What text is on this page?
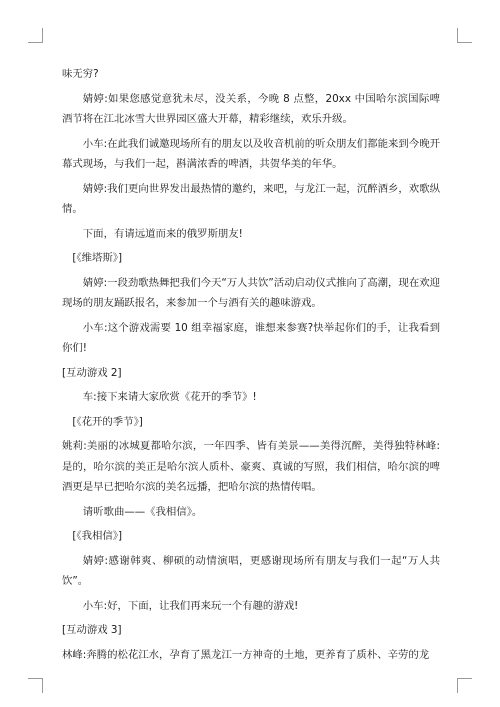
味无穷?

婧婷:如果您感觉意犹未尽，没关系，今晚 8 点整，20xx 中国哈尔滨国际啤酒节将在江北冰雪大世界园区盛大开幕，精彩继续，欢乐升级。

小车:在此我们诚邀现场所有的朋友以及收音机前的听众朋友们都能来到今晚开幕式现场，与我们一起，斟满浓香的啤酒，共贺华美的年华。

婧婷:我们更向世界发出最热情的邀约，来吧，与龙江一起，沉醉酒乡，欢歌纵情。

下面，有请远道而来的俄罗斯朋友!

[《维塔斯》]

婧婷:一段劲歌热舞把我们今天“万人共饮”活动启动仪式推向了高潮，现在欢迎现场的朋友踊跃报名，来参加一个与酒有关的趣味游戏。

小车:这个游戏需要 10 组幸福家庭，谁想来参赛?快举起你们的手，让我看到你们!

[互动游戏 2]

车:接下来请大家欣赏《花开的季节》!

[《花开的季节》]

姚莉:美丽的冰城夏都哈尔滨，一年四季、皆有美景——美得沉醉，美得独特林峰:是的，哈尔滨的美正是哈尔滨人质朴、豪爽、真诚的写照，我们相信，哈尔滨的啤酒更是早已把哈尔滨的美名远播，把哈尔滨的热情传唱。

请听歌曲——《我相信》。

[《我相信》]

婧婷:感谢韩爽、柳硕的动情演唱，更感谢现场所有朋友与我们一起“万人共饮”。

小车:好，下面，让我们再来玩一个有趣的游戏!

[互动游戏 3]

林峰:奔腾的松花江水，孕育了黑龙江一方神奇的土地，更养育了质朴、辛劳的龙
